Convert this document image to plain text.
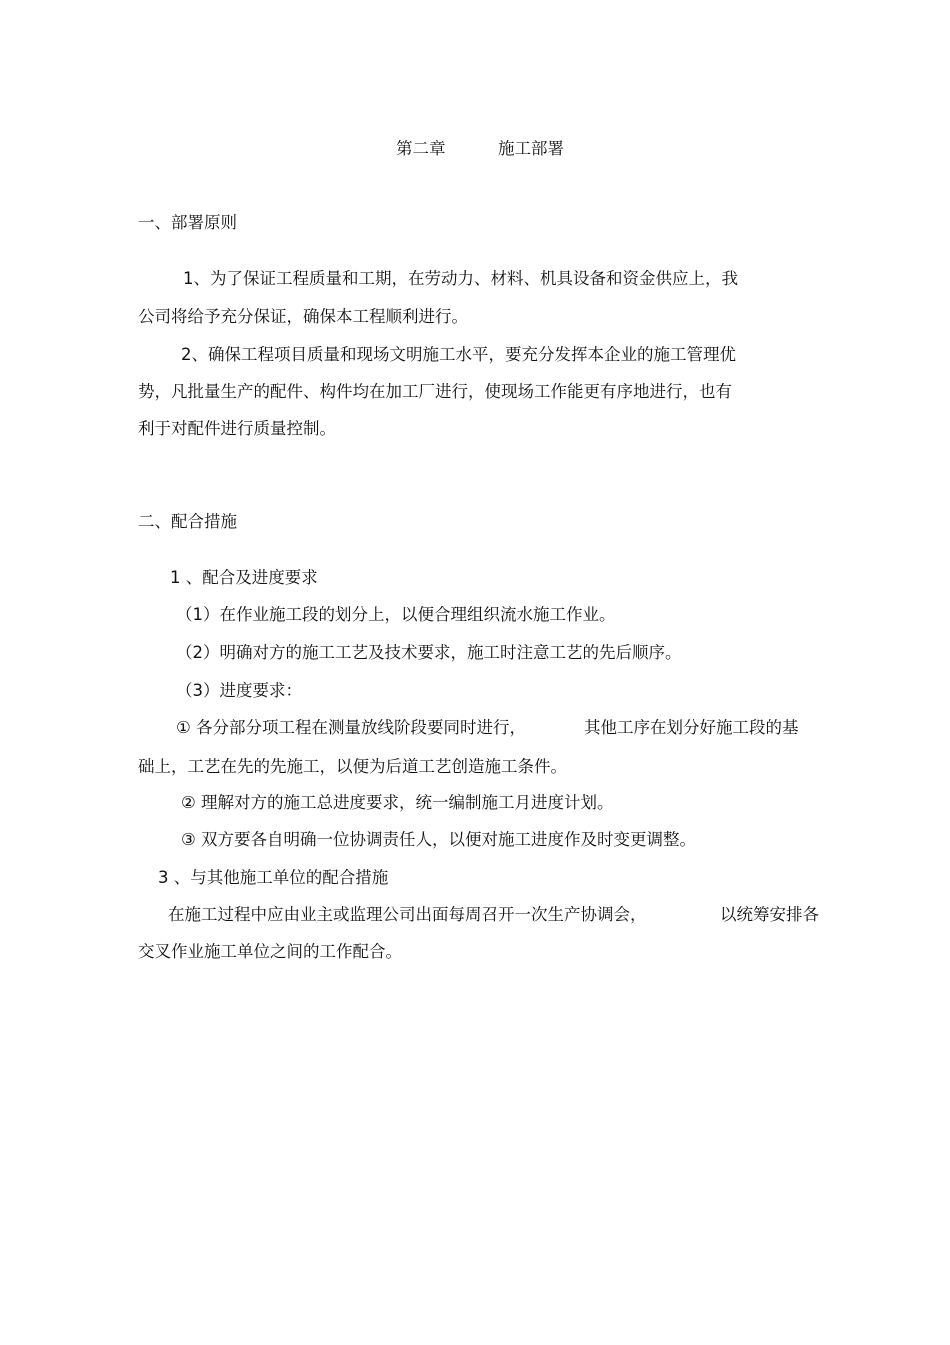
第二章	施工部署
一、部署原则
1、为了保证工程质量和工期，在劳动力、材料、机具设备和资金供应上，我
公司将给予充分保证，确保本工程顺利进行。
2、确保工程项目质量和现场文明施工水平，要充分发挥本企业的施工管理优
势，凡批量生产的配件、构件均在加工厂进行，使现场工作能更有序地进行，也有
利于对配件进行质量控制。
二、配合措施
1 、配合及进度要求
（1）在作业施工段的划分上，以便合理组织流水施工作业。
（2）明确对方的施工工艺及技术要求，施工时注意工艺的先后顺序。
（3）进度要求：
① 各分部分项工程在测量放线阶段要同时进行，	其他工序在划分好施工段的基
础上，工艺在先的先施工，以便为后道工艺创造施工条件。
② 理解对方的施工总进度要求，统一编制施工月进度计划。
③ 双方要各自明确一位协调责任人，以便对施工进度作及时变更调整。
3 、与其他施工单位的配合措施
在施工过程中应由业主或监理公司出面每周召开一次生产协调会，	以统筹安排各
交叉作业施工单位之间的工作配合。
